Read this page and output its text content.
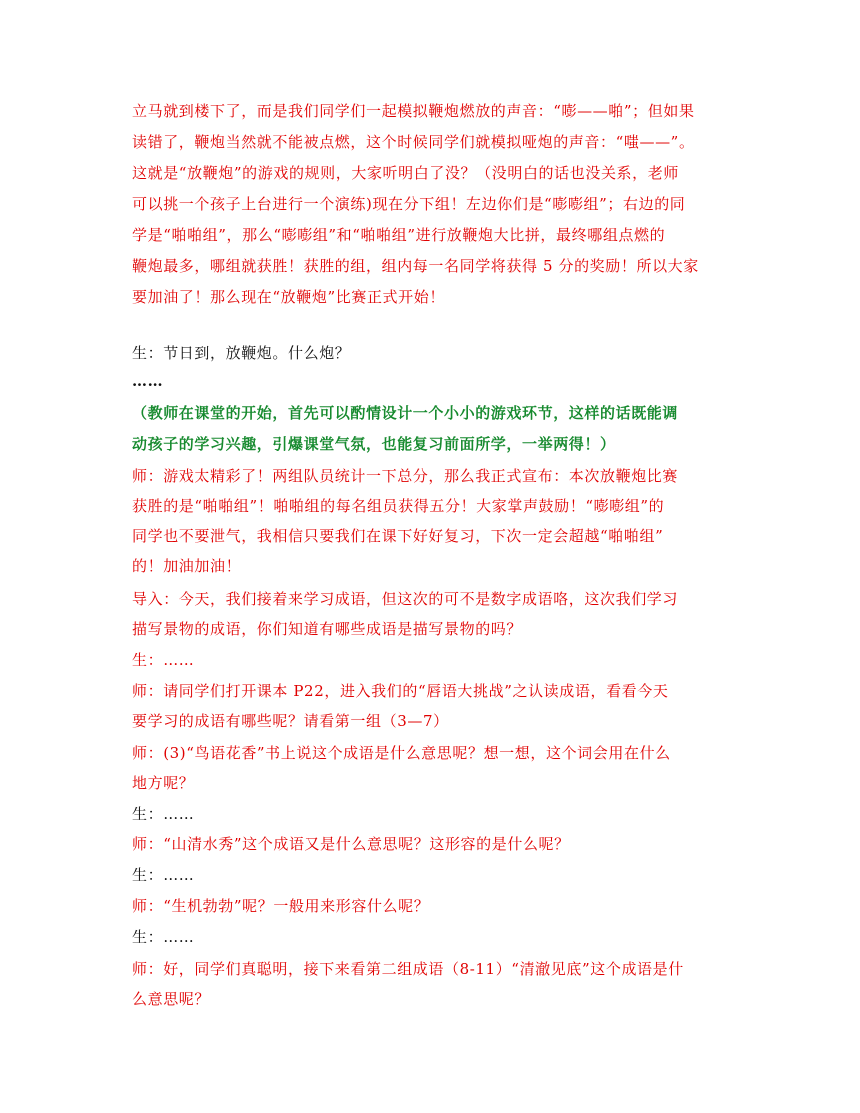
立马就到楼下了，而是我们同学们一起模拟鞭炮燃放的声音：“嘭——啪”；但如果
读错了，鞭炮当然就不能被点燃，这个时候同学们就模拟哑炮的声音：“嗤——”。
这就是“放鞭炮”的游戏的规则，大家听明白了没？（没明白的话也没关系，老师
可以挑一个孩子上台进行一个演练)现在分下组！左边你们是“嘭嘭组”；右边的同
学是“啪啪组”，那么“嘭嘭组”和“啪啪组”进行放鞭炮大比拼，最终哪组点燃的
鞭炮最多，哪组就获胜！获胜的组，组内每一名同学将获得 5 分的奖励！所以大家
要加油了！那么现在“放鞭炮”比赛正式开始！
生：节日到，放鞭炮。什么炮？
……
（教师在课堂的开始，首先可以酌情设计一个小小的游戏环节，这样的话既能调
动孩子的学习兴趣，引爆课堂气氛，也能复习前面所学，一举两得！）
师：游戏太精彩了！两组队员统计一下总分，那么我正式宣布：本次放鞭炮比赛
获胜的是“啪啪组”！啪啪组的每名组员获得五分！大家掌声鼓励！“嘭嘭组”的
同学也不要泄气，我相信只要我们在课下好好复习，下次一定会超越“啪啪组”
的！加油加油！
导入：今天，我们接着来学习成语，但这次的可不是数字成语咯，这次我们学习
描写景物的成语，你们知道有哪些成语是描写景物的吗？
生：……
师：请同学们打开课本 P22，进入我们的“唇语大挑战”之认读成语，看看今天
要学习的成语有哪些呢？请看第一组（3—7）
师：(3)“鸟语花香”书上说这个成语是什么意思呢？想一想，这个词会用在什么
地方呢？
生：……
师：“山清水秀”这个成语又是什么意思呢？这形容的是什么呢？
生：……
师：“生机勃勃”呢？一般用来形容什么呢？
生：……
师：好，同学们真聪明，接下来看第二组成语（8-11）“清澈见底”这个成语是什
么意思呢？
